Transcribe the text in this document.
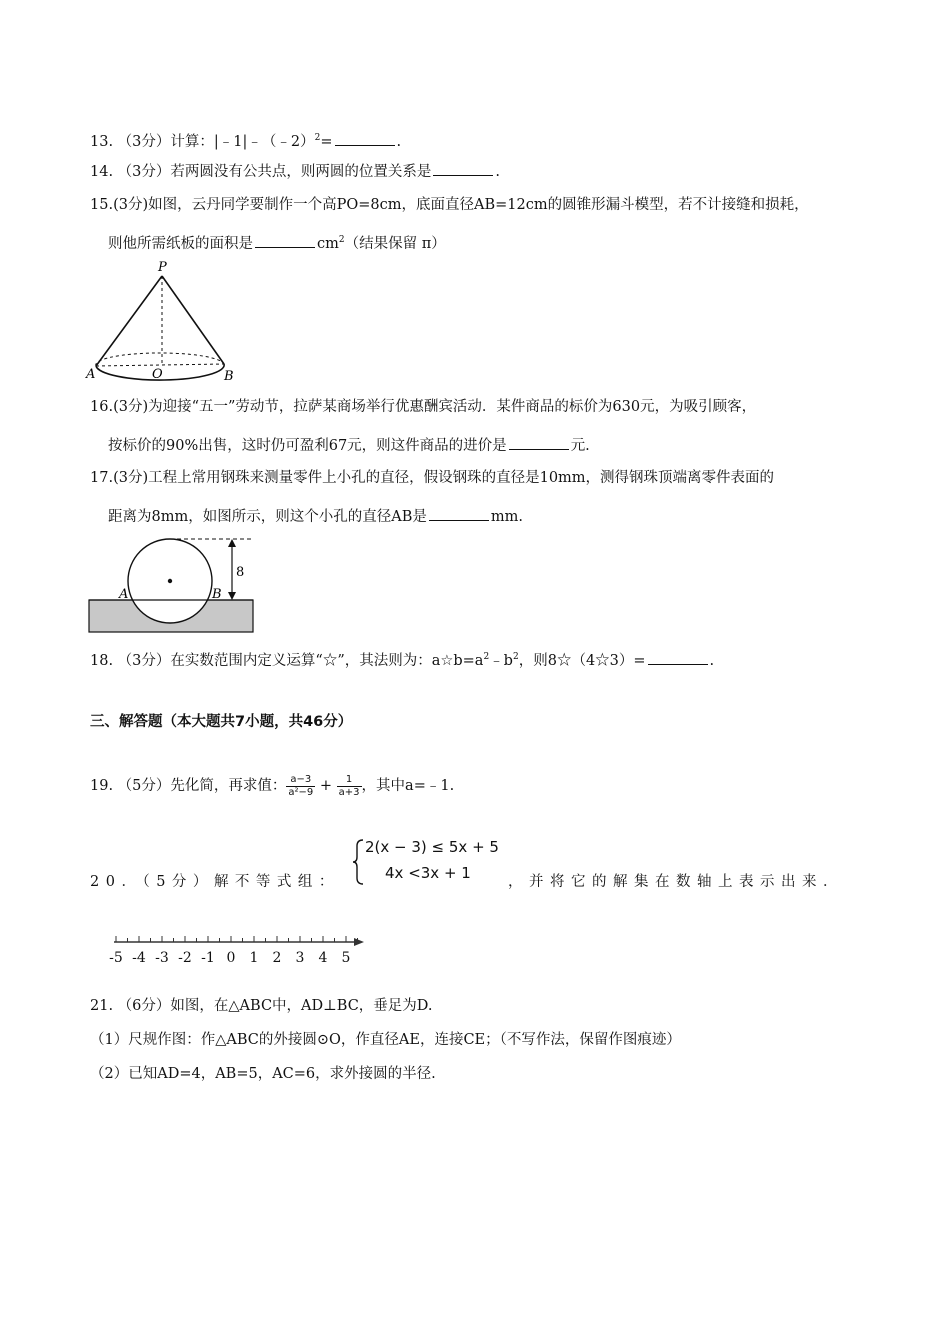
13. （3分）计算：|﹣1|﹣（﹣2）$^2$=	.
14. （3分）若两圆没有公共点，则两圆的位置关系是	.
15.(3分)如图，云丹同学要制作一个高PO=8cm，底面直径AB=12cm的圆锥形漏斗模型，若不计接缝和损耗，
则他所需纸板的面积是	$cm^2$（结果保留 π）
P
A	O	B
16.(3分)为迎接“五一”劳动节，拉萨某商场举行优惠酬宾活动．某件商品的标价为630元，为吸引顾客，
按标价的90%出售，这时仍可盈利67元，则这件商品的进价是	元.
17.(3分)工程上常用钢珠来测量零件上小孔的直径，假设钢珠的直径是10mm，测得钢珠顶端离零件表面的
距离为8mm，如图所示，则这个小孔的直径AB是	mm.
8
A	B
18. （3分）在实数范围内定义运算“☆”，其法则为：$a☆b=a^2﹣b^2$，则8☆（4☆3）=	.
三、解答题（本大题共7小题，共46分）
19. （5分）先化简，再求值： $\frac{a-3}{\text{a²−9}} + \frac{1}{a+3}$ ，其中a=﹣1.
20．（5分）解不等式组：
2(x − 3) ≤ 5x + 5
4x <3x + 1	，并将它的解集在数轴上表示出来．
-5 -4 -3 -2 -1 0 1 2 3 4 5
21. （6分）如图，在△ABC中，AD⊥BC，垂足为D.
（1）尺规作图：作△ABC的外接圆⊙O，作直径AE，连接CE；（不写作法，保留作图痕迹）
（2）已知AD=4，AB=5，AC=6，求外接圆的半径.
